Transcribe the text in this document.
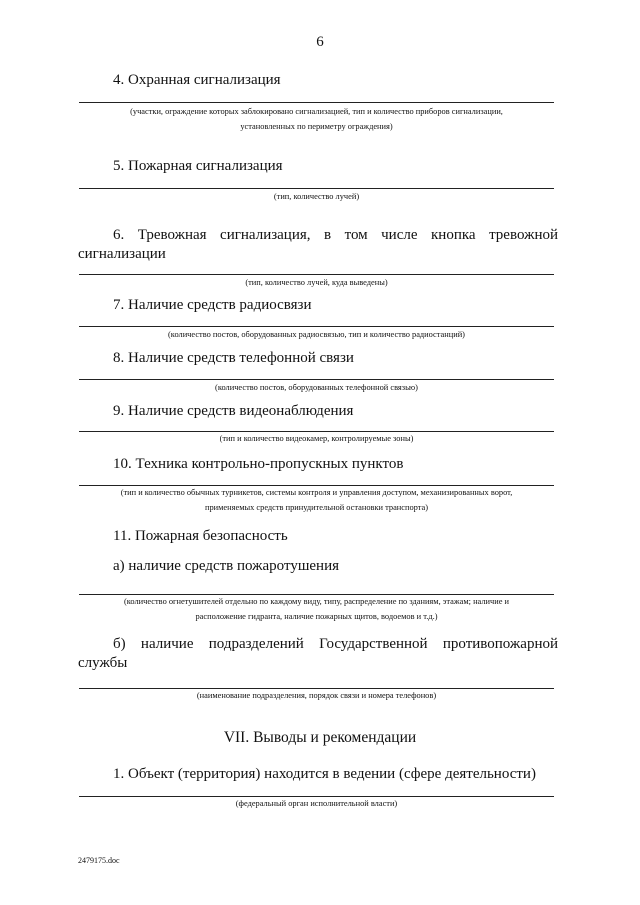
6
4. Охранная сигнализация
(участки, ограждение которых заблокировано сигнализацией, тип и количество приборов сигнализации,
установленных по периметру ограждения)
5. Пожарная сигнализация
(тип, количество лучей)
6. Тревожная сигнализация, в том числе кнопка тревожной
сигнализации
(тип, количество лучей, куда выведены)
7. Наличие средств радиосвязи
(количество постов, оборудованных радиосвязью, тип и количество радиостанций)
8. Наличие средств телефонной связи
(количество постов, оборудованных телефонной связью)
9. Наличие средств видеонаблюдения
(тип и количество видеокамер, контролируемые зоны)
10. Техника контрольно-пропускных пунктов
(тип и количество обычных турникетов, системы контроля и управления доступом, механизированных ворот,
применяемых средств принудительной остановки транспорта)
11. Пожарная безопасность
а) наличие средств пожаротушения
(количество огнетушителей отдельно по каждому виду, типу, распределение по зданиям, этажам; наличие и
расположение гидранта, наличие пожарных щитов, водоемов и т.д.)
б) наличие подразделений Государственной противопожарной
службы
(наименование подразделения, порядок связи и номера телефонов)
VII. Выводы и рекомендации
1. Объект (территория) находится в ведении (сфере деятельности)
(федеральный орган исполнительной власти)
2479175.doc
